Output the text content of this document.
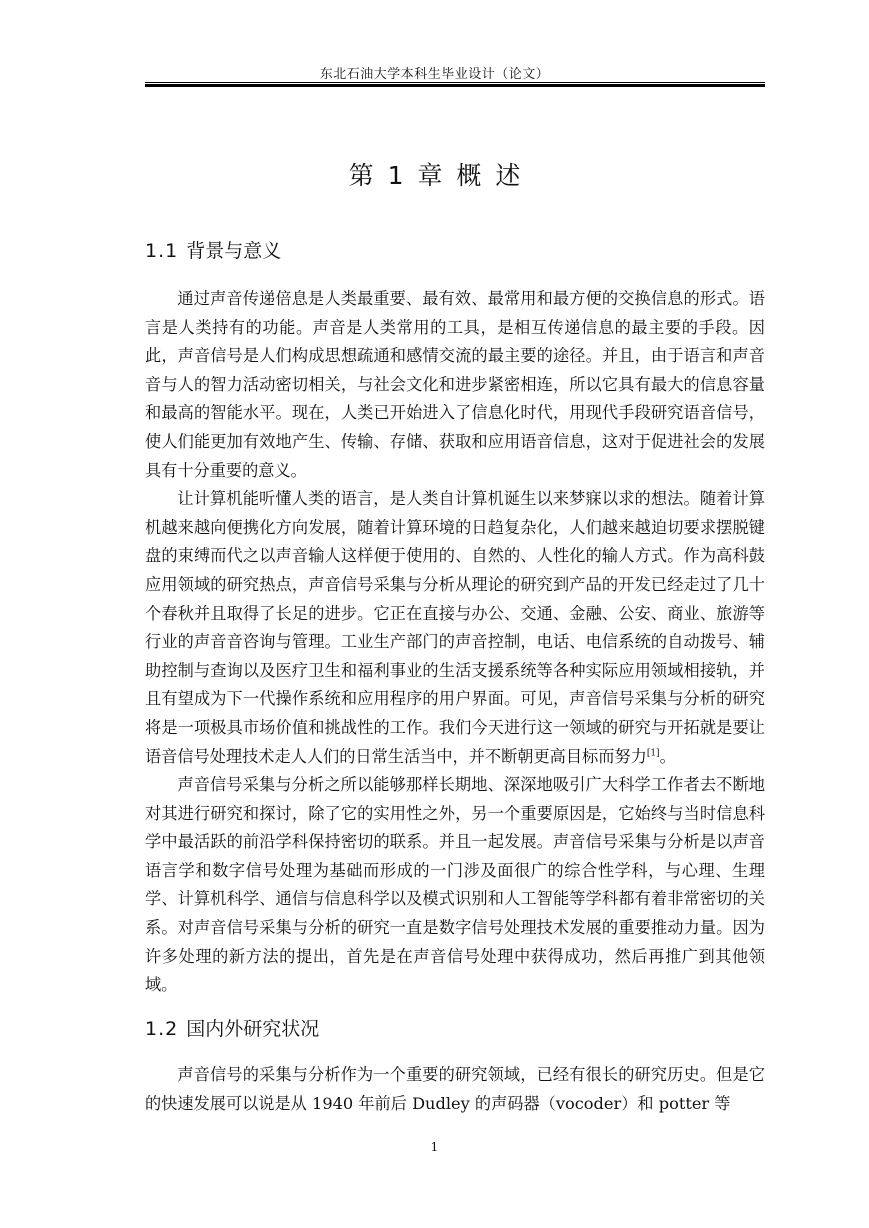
东北石油大学本科生毕业设计（论文）
第 1 章 概 述
1.1 背景与意义

通过声音传递倍息是人类最重要、最有效、最常用和最方便的交换信息的形式。语言是人类持有的功能。声音是人类常用的工具，是相互传递信息的最主要的手段。因此，声音信号是人们构成思想疏通和感情交流的最主要的途径。并且，由于语言和声音音与人的智力活动密切相关，与社会文化和进步紧密相连，所以它具有最大的信息容量和最高的智能水平。现在，人类已开始进入了信息化时代，用现代手段研究语音信号，使人们能更加有效地产生、传输、存储、获取和应用语音信息，这对于促进社会的发展具有十分重要的意义。

让计算机能听懂人类的语言，是人类自计算机诞生以来梦寐以求的想法。随着计算机越来越向便携化方向发展，随着计算环境的日趋复杂化，人们越来越迫切要求摆脱键盘的束缚而代之以声音输人这样便于使用的、自然的、人性化的输人方式。作为高科鼓应用领域的研究热点，声音信号采集与分析从理论的研究到产品的开发已经走过了几十个春秋并且取得了长足的进步。它正在直接与办公、交通、金融、公安、商业、旅游等行业的声音音咨询与管理。工业生产部门的声音控制，电话、电信系统的自动拨号、辅助控制与查询以及医疗卫生和福利事业的生活支援系统等各种实际应用领域相接轨，并且有望成为下一代操作系统和应用程序的用户界面。可见，声音信号采集与分析的研究将是一项极具市场价值和挑战性的工作。我们今天进行这一领域的研究与开拓就是要让语音信号处理技术走人人们的日常生活当中，并不断朝更高目标而努力[1]。

声音信号采集与分析之所以能够那样长期地、深深地吸引广大科学工作者去不断地对其进行研究和探讨，除了它的实用性之外，另一个重要原因是，它始终与当时信息科学中最活跃的前沿学科保持密切的联系。并且一起发展。声音信号采集与分析是以声音语言学和数字信号处理为基础而形成的一门涉及面很广的综合性学科，与心理、生理学、计算机科学、通信与信息科学以及模式识别和人工智能等学科都有着非常密切的关系。对声音信号采集与分析的研究一直是数字信号处理技术发展的重要推动力量。因为许多处理的新方法的提出，首先是在声音信号处理中获得成功，然后再推广到其他领域。

1.2 国内外研究状况

声音信号的采集与分析作为一个重要的研究领域，已经有很长的研究历史。但是它的快速发展可以说是从 1940 年前后 Dudley 的声码器（vocoder）和 potter 等

1
